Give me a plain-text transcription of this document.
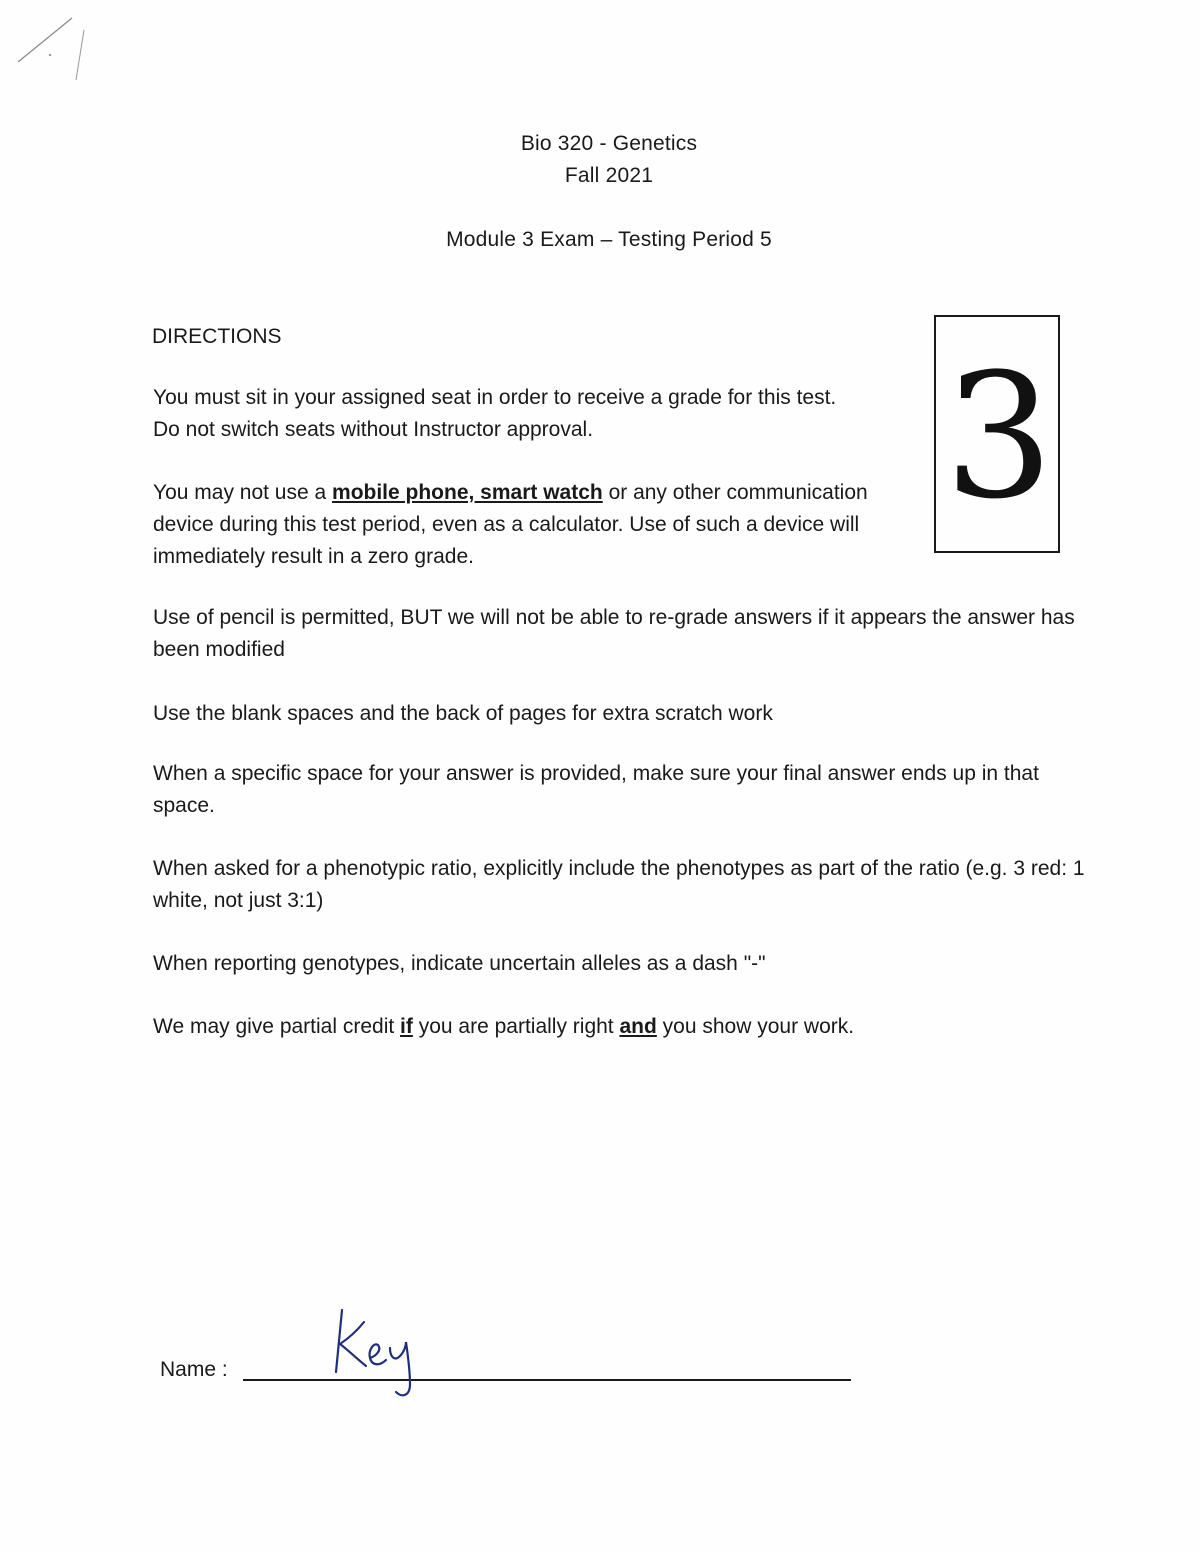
Bio 320 - Genetics
Fall 2021
Module 3 Exam – Testing Period 5
DIRECTIONS
You must sit in your assigned seat in order to receive a grade for this test.
Do not switch seats without Instructor approval.
You may not use a mobile phone, smart watch or any other communication device during this test period, even as a calculator. Use of such a device will immediately result in a zero grade.
Use of pencil is permitted, BUT we will not be able to re-grade answers if it appears the answer has been modified
Use the blank spaces and the back of pages for extra scratch work
When a specific space for your answer is provided, make sure your final answer ends up in that space.
When asked for a phenotypic ratio, explicitly include the phenotypes as part of the ratio (e.g. 3 red: 1 white, not just 3:1)
When reporting genotypes, indicate uncertain alleles as a dash "-"
We may give partial credit if you are partially right and you show your work.
3
Name :
